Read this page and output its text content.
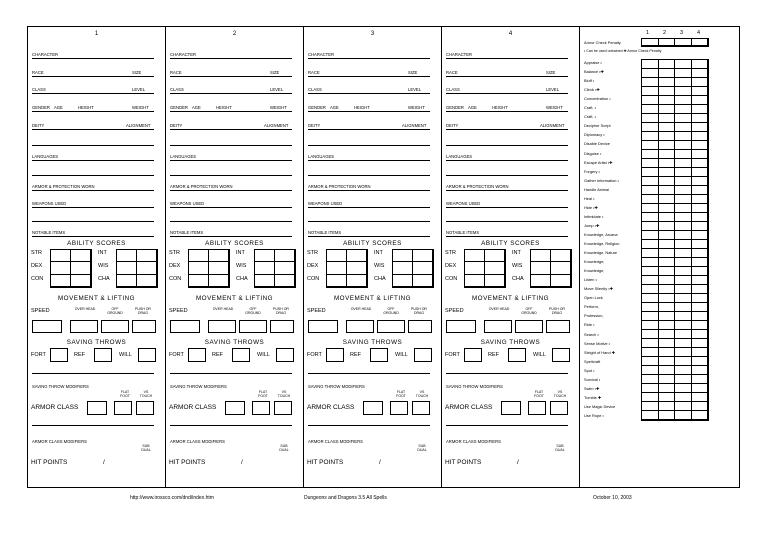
1
CHARACTER
RACE	SIZE
CLASS	LEVEL
GENDER AGE	HEIGHT	WEIGHT
DEITY	ALIGNMENT
LANGUAGES
ARMOR & PROTECTION WORN
WEAPONS USED
NOTABLE ITEMS
ABILITY SCORES
STR	INT
DEX	WIS
CON	CHA
MOVEMENT & LIFTING
SPEED	OVER HEAD	OFF GROUND
PUSH OR DRAG
SAVING THROWS
FORT	REF	WILL
SAVING THROW MODIFIERS
FLAT FOOT
VS TOUCH
ARMOR CLASS
ARMOR CLASS MODIFIERS
SUB DUAL
HIT POINTS	/
2
CHARACTER
RACE	SIZE
CLASS	LEVEL
GENDER AGE	HEIGHT	WEIGHT
DEITY	ALIGNMENT
LANGUAGES
ARMOR & PROTECTION WORN
WEAPONS USED
NOTABLE ITEMS
ABILITY SCORES
STR	INT
DEX	WIS
CON	CHA
MOVEMENT & LIFTING
SPEED	OVER HEAD	OFF GROUND
PUSH OR DRAG
SAVING THROWS
FORT	REF	WILL
SAVING THROW MODIFIERS
FLAT FOOT
VS TOUCH
ARMOR CLASS
ARMOR CLASS MODIFIERS
SUB DUAL
HIT POINTS	/
3
CHARACTER
RACE	SIZE
CLASS	LEVEL
GENDER AGE	HEIGHT	WEIGHT
DEITY	ALIGNMENT
LANGUAGES
ARMOR & PROTECTION WORN
WEAPONS USED
NOTABLE ITEMS
ABILITY SCORES
STR	INT
DEX	WIS
CON	CHA
MOVEMENT & LIFTING
SPEED	OVER HEAD	OFF GROUND
PUSH OR DRAG
SAVING THROWS
FORT	REF	WILL
SAVING THROW MODIFIERS
FLAT FOOT
VS TOUCH
ARMOR CLASS
ARMOR CLASS MODIFIERS
SUB DUAL
HIT POINTS	/
4
CHARACTER
RACE	SIZE
CLASS	LEVEL
GENDER AGE	HEIGHT	WEIGHT
DEITY	ALIGNMENT
LANGUAGES
ARMOR & PROTECTION WORN
WEAPONS USED
NOTABLE ITEMS
ABILITY SCORES
STR	INT
DEX	WIS
CON	CHA
MOVEMENT & LIFTING
SPEED	OVER HEAD	OFF GROUND
PUSH OR DRAG
SAVING THROWS
FORT	REF	WILL
SAVING THROW MODIFIERS
FLAT FOOT
VS TOUCH
ARMOR CLASS
ARMOR CLASS MODIFIERS
SUB DUAL
HIT POINTS	/
1	2	3	4
Armor Check Penalty
• Can be used untrained ✚ Armor Check Penalty
Appraise •
Balance •✚
Bluff •
Climb •✚
Concentration •
Craft, •
Craft, •
Decipher Script
Diplomacy •
Disable Device
Disguise •
Escape Artist •✚
Forgery •
Gather Information •
Handle Animal
Heal •
Hide •✚
Intimidate •
Jump •✚
Knowledge, Arcana
Knowledge, Religion
Knowledge, Nature
Knowledge,
Knowledge,
Listen •
Move Silently •✚
Open Lock
Perform,
Profession,
Ride •
Search •
Sense Motive •
Sleight of Hand ✚
Spellcraft
Spot •
Survival •
Swim •✚
Tumble ✚
Use Magic Device
Use Rope •
http://www.irossco.com/dnd/index.htm	Dungeons and Dragons 3.5 All Spells	October 10, 2003
